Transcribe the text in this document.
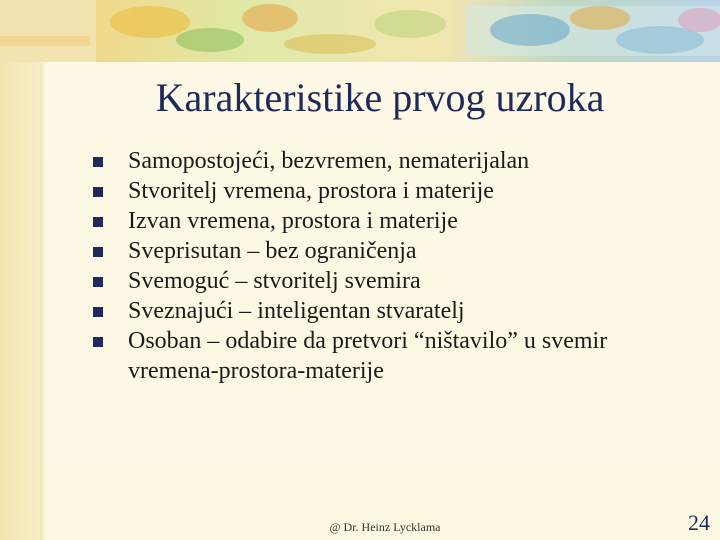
Karakteristike prvog uzroka
Samopostojeći, bezvremen, nematerijalan
Stvoritelj vremena, prostora i materije
Izvan vremena, prostora i materije
Sveprisutan – bez ograničenja
Svemoguć – stvoritelj svemira
Sveznajući – inteligentan stvaratelj
Osoban – odabire da pretvori “ništavilo” u svemir vremena-prostora-materije
@ Dr. Heinz Lycklama	24
